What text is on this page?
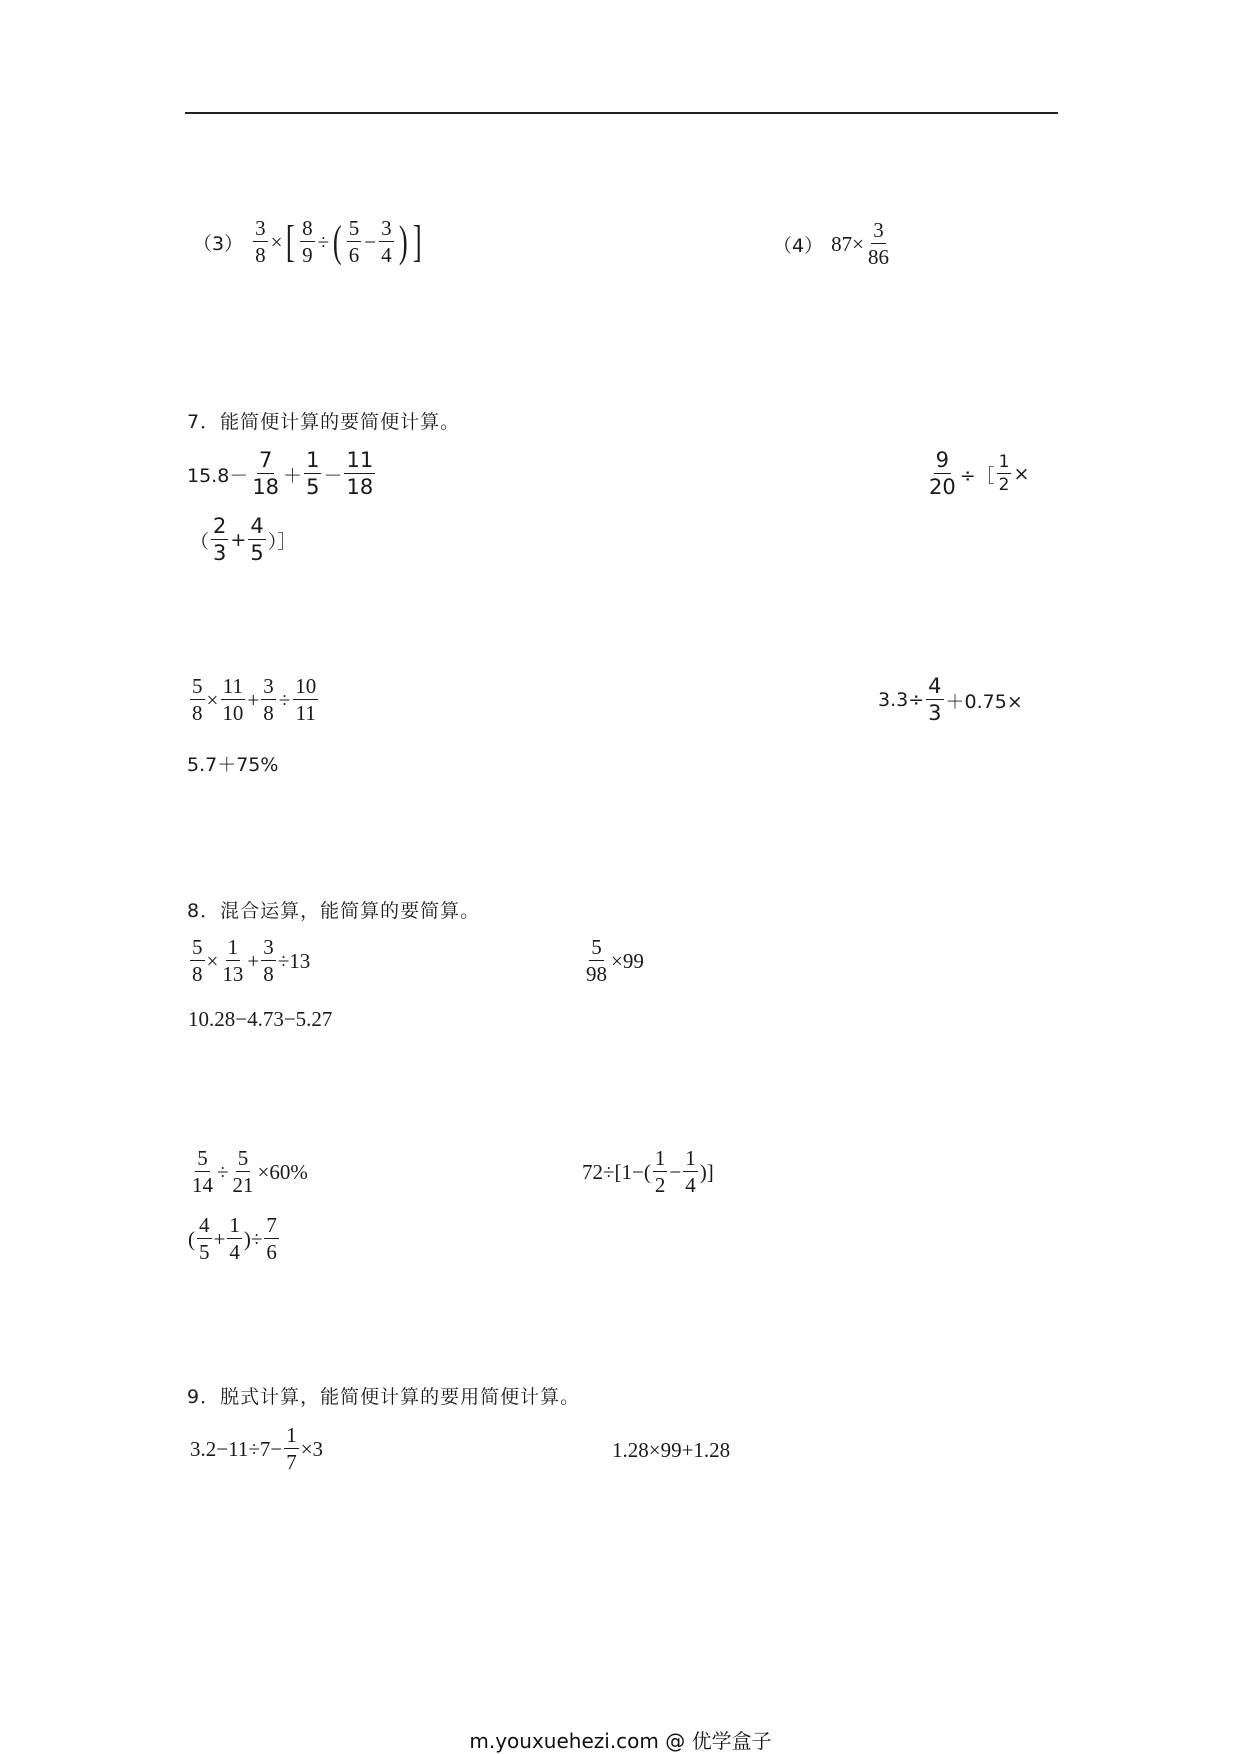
$(3) \frac{3}{8}$ × [ $\frac{8}{9}$ ÷ ( $\frac{5}{6} - \frac{3}{4}$ ) ]	（4） $87\times \frac{3}{86}$
7．能简便计算的要简便计算。
$15.8- \frac{7}{18} + \frac{1}{5} - \frac{11}{18}$	$\frac{9}{20}$ ÷［ $\frac{1}{2}$ ×
（ $\frac{2}{3} + \frac{4}{5}$ ）］
$\frac{5}{8} \times \frac{11}{10} + \frac{3}{8} \div \frac{10}{11}$	$3.3\div \frac{4}{3} +0.75\times$
5.7＋75%
8．混合运算，能简算的要简算。
$\frac{5}{8} \times \frac{1}{13} + \frac{3}{8} \div 13$	$\frac{5}{98} \times 99$
10.28−4.73−5.27
$\frac{5}{14} \div \frac{5}{21} \times 60\%$	$72\div[1-( \frac{1}{2} - \frac{1}{4}$ )]
( $\frac{4}{5} + \frac{1}{4}$ )÷ $\frac{7}{6}$
9．脱式计算，能简便计算的要用简便计算。
$3.2-11\div 7- \frac{1}{7} \times 3$	1.28×99+1.28
m.youxuehezi.com @ 优学盒子
